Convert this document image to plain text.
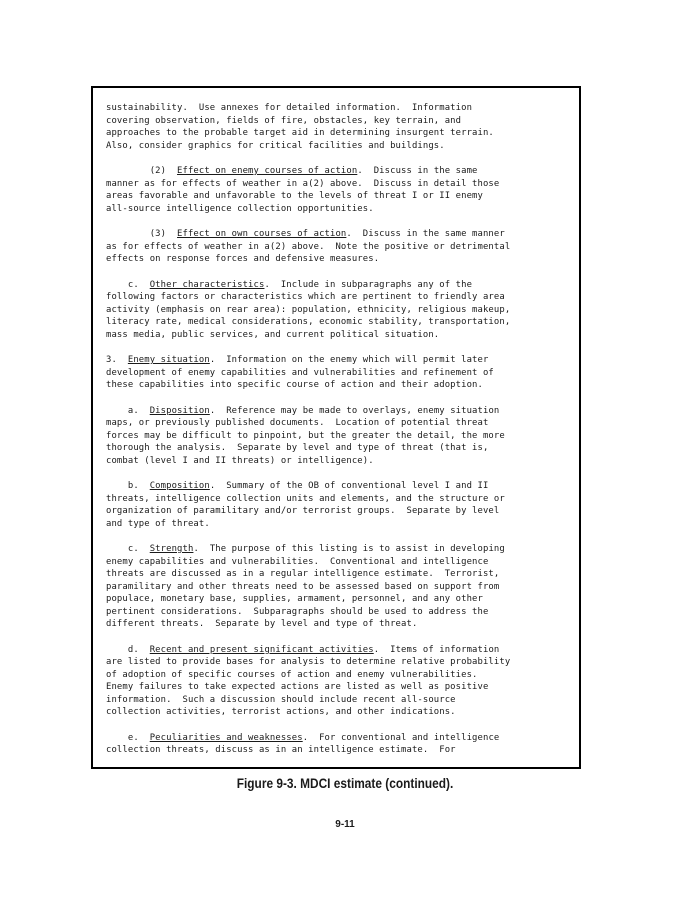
sustainability.  Use annexes for detailed information.  Information
covering observation, fields of fire, obstacles, key terrain, and
approaches to the probable target aid in determining insurgent terrain.
Also, consider graphics for critical facilities and buildings.
(2)  Effect on enemy courses of action.  Discuss in the same
manner as for effects of weather in a(2) above.  Discuss in detail those
areas favorable and unfavorable to the levels of threat I or II enemy
all-source intelligence collection opportunities.
(3)  Effect on own courses of action.  Discuss in the same manner
as for effects of weather in a(2) above.  Note the positive or detrimental
effects on response forces and defensive measures.
c.  Other characteristics.  Include in subparagraphs any of the
following factors or characteristics which are pertinent to friendly area
activity (emphasis on rear area): population, ethnicity, religious makeup,
literacy rate, medical considerations, economic stability, transportation,
mass media, public services, and current political situation.
3.  Enemy situation.  Information on the enemy which will permit later
development of enemy capabilities and vulnerabilities and refinement of
these capabilities into specific course of action and their adoption.
a.  Disposition.  Reference may be made to overlays, enemy situation
maps, or previously published documents.  Location of potential threat
forces may be difficult to pinpoint, but the greater the detail, the more
thorough the analysis.  Separate by level and type of threat (that is,
combat (level I and II threats) or intelligence).
b.  Composition.  Summary of the OB of conventional level I and II
threats, intelligence collection units and elements, and the structure or
organization of paramilitary and/or terrorist groups.  Separate by level
and type of threat.
c.  Strength.  The purpose of this listing is to assist in developing
enemy capabilities and vulnerabilities.  Conventional and intelligence
threats are discussed as in a regular intelligence estimate.  Terrorist,
paramilitary and other threats need to be assessed based on support from
populace, monetary base, supplies, armament, personnel, and any other
pertinent considerations.  Subparagraphs should be used to address the
different threats.  Separate by level and type of threat.
d.  Recent and present significant activities.  Items of information
are listed to provide bases for analysis to determine relative probability
of adoption of specific courses of action and enemy vulnerabilities.
Enemy failures to take expected actions are listed as well as positive
information.  Such a discussion should include recent all-source
collection activities, terrorist actions, and other indications.
e.  Peculiarities and weaknesses.  For conventional and intelligence
collection threats, discuss as in an intelligence estimate.  For
Figure 9-3. MDCI estimate (continued).
9-11
